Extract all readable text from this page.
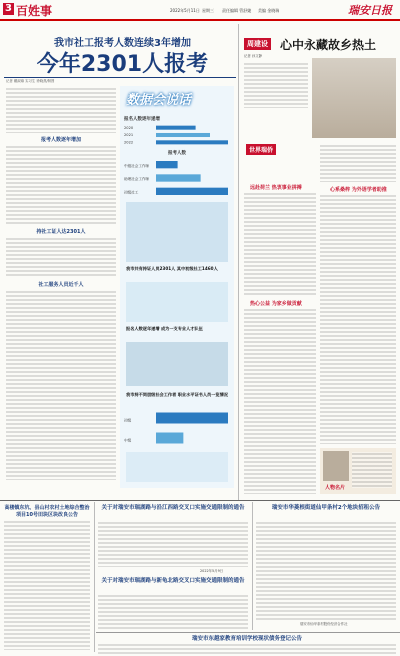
3 百姓事	2022年5月11日 星期三 责任编辑 管舒婕 美编 金晓瑞	瑞安日报
我市社工报考人数连续3年增加
今年2301人报考
记者 戴淑瑜 实习生 徐晓燕/制图
报考人数逐年增加
持社工证人达2301人
社工服务人员近千人
数据会说话
报名人数逐年递增
2020
2021
2022
报考人数
中级社会工作师
助理社会工作师
初级社工
我市共有持证人员2301人 其中初级社工1460人
报名人数逐年递增 成为一支专业人才队伍
我市持不同层级社会工作者 职业水平证书人员一览情况
初级
中级
周建设 心中永藏故乡热土
记者 孙文静
世界瑞侨
远赴荷兰 热衷事业拼搏
热心公益 为家乡做贡献
心系桑梓 为外语学者助推
人物名片
高楼镇东坑、县山村农村土地综合整治项目10号田块区块改良公告
关于对瑞安市瑞湖路与沿江西路交叉口实施交通限制的通告
2022年5月9日
关于对瑞安市瑞湖路与新龟北路交叉口实施交通限制的通告
瑞安市华菱根街道仙甲条村2个地块招租公告
瑞安市仙甲条村股份经济合作社
瑞安市东越家教育培训学校现状债务登记公告
